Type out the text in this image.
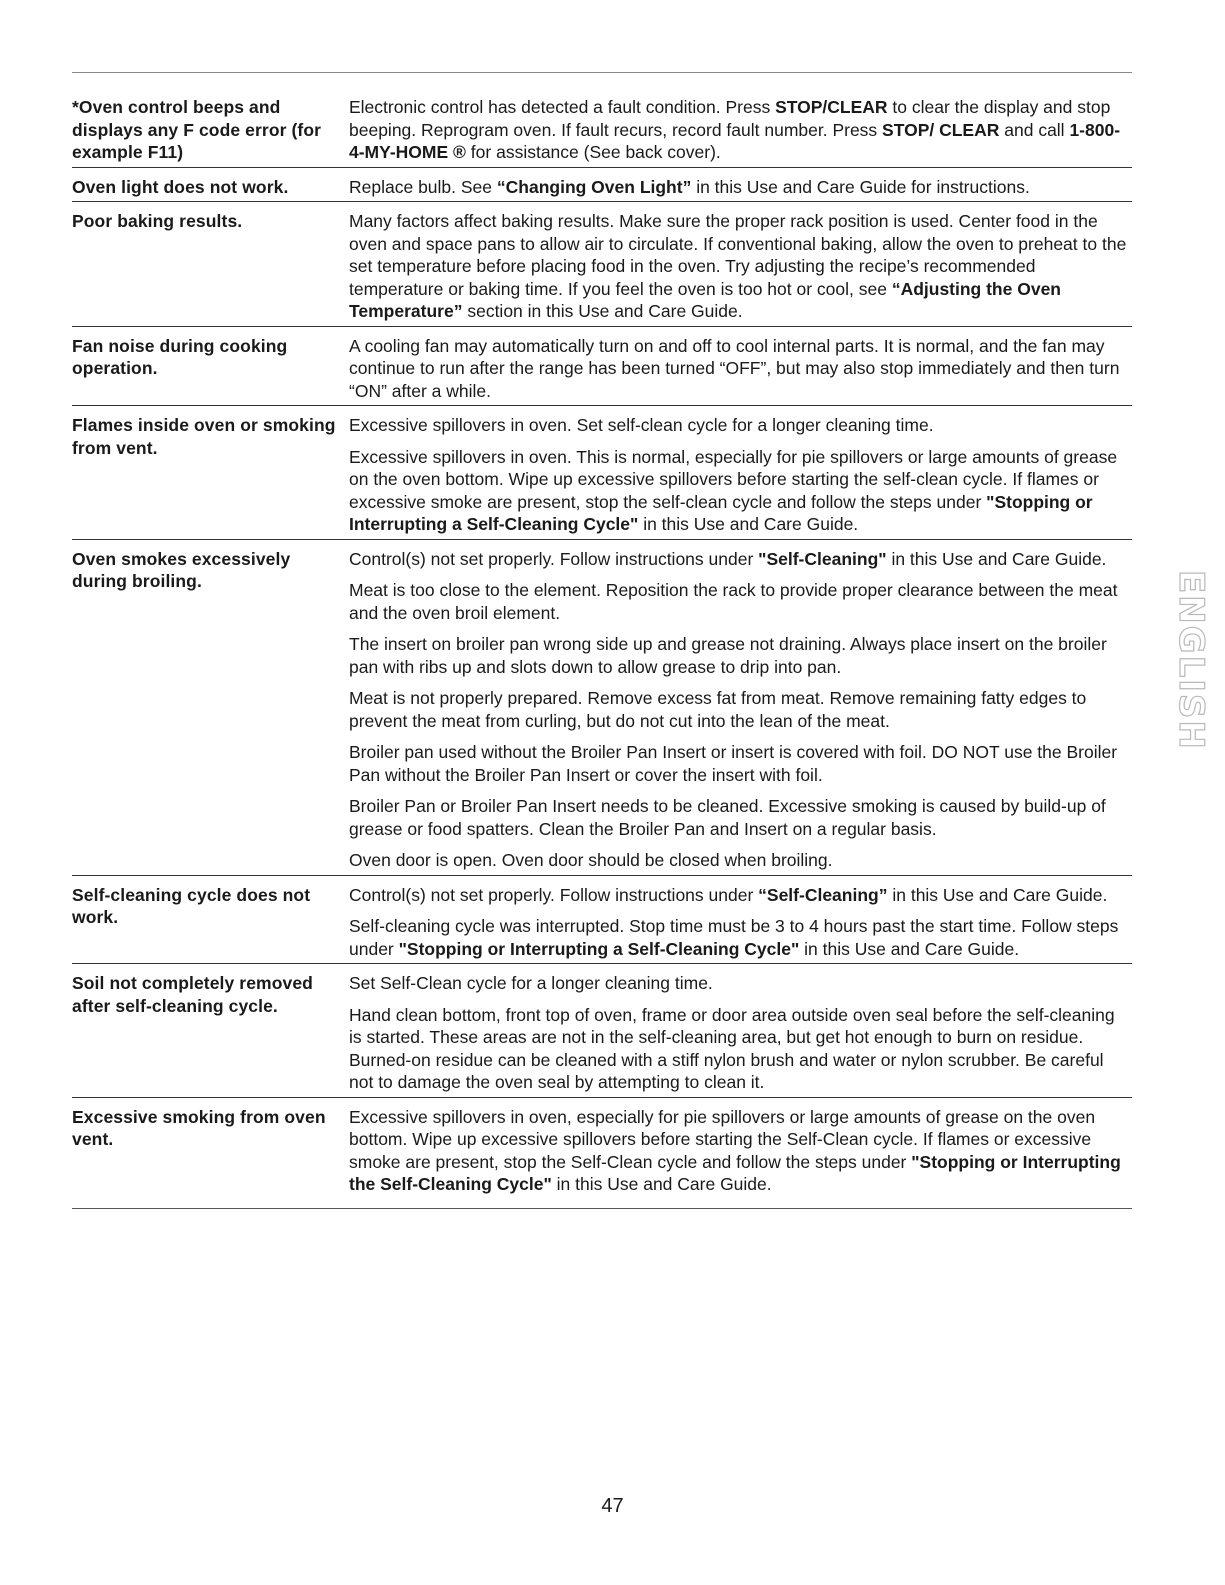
*Oven control beeps and displays any F code error (for example F11)
Electronic control has detected a fault condition. Press STOP/CLEAR to clear the display and stop beeping. Reprogram oven. If fault recurs, record fault number. Press STOP/ CLEAR and call 1-800-4-MY-HOME ® for assistance (See back cover).
Oven light does not work.	Replace bulb. See “Changing Oven Light” in this Use and Care Guide for instructions.
Poor baking results.	Many factors affect baking results. Make sure the proper rack position is used. Center food in the oven and space pans to allow air to circulate. If conventional baking, allow the oven to preheat to the set temperature before placing food in the oven. Try adjusting the recipe’s recommended temperature or baking time. If you feel the oven is too hot or cool, see “Adjusting the Oven Temperature” section in this Use and Care Guide.
Fan noise during cooking operation.
A cooling fan may automatically turn on and off to cool internal parts. It is normal, and the fan may continue to run after the range has been turned “OFF”, but may also stop immediately and then turn “ON” after a while.
Flames inside oven or smoking from vent.
Excessive spillovers in oven. Set self-clean cycle for a longer cleaning time.
Excessive spillovers in oven. This is normal, especially for pie spillovers or large amounts of grease on the oven bottom. Wipe up excessive spillovers before starting the self-clean cycle. If flames or excessive smoke are present, stop the self-clean cycle and follow the steps under "Stopping or Interrupting a Self-Cleaning Cycle" in this Use and Care Guide.
Oven smokes excessively during broiling.
Control(s) not set properly. Follow instructions under "Self-Cleaning" in this Use and Care Guide.
Meat is too close to the element. Reposition the rack to provide proper clearance between the meat and the oven broil element.
The insert on broiler pan wrong side up and grease not draining. Always place insert on the broiler pan with ribs up and slots down to allow grease to drip into pan.
Meat is not properly prepared. Remove excess fat from meat. Remove remaining fatty edges to prevent the meat from curling, but do not cut into the lean of the meat.
Broiler pan used without the Broiler Pan Insert or insert is covered with foil. DO NOT use the Broiler Pan without the Broiler Pan Insert or cover the insert with foil.
Broiler Pan or Broiler Pan Insert needs to be cleaned. Excessive smoking is caused by build-up of grease or food spatters. Clean the Broiler Pan and Insert on a regular basis.
Oven door is open. Oven door should be closed when broiling.
Self-cleaning cycle does not work.
Control(s) not set properly. Follow instructions under “Self-Cleaning” in this Use and Care Guide.
Self-cleaning cycle was interrupted. Stop time must be 3 to 4 hours past the start time. Follow steps under "Stopping or Interrupting a Self-Cleaning Cycle" in this Use and Care Guide.
Soil not completely removed after self-cleaning cycle.
Set Self-Clean cycle for a longer cleaning time.
Hand clean bottom, front top of oven, frame or door area outside oven seal before the self-cleaning is started. These areas are not in the self-cleaning area, but get hot enough to burn on residue. Burned-on residue can be cleaned with a stiff nylon brush and water or nylon scrubber. Be careful not to damage the oven seal by attempting to clean it.
Excessive smoking from oven vent.
Excessive spillovers in oven, especially for pie spillovers or large amounts of grease on the oven bottom. Wipe up excessive spillovers before starting the Self-Clean cycle. If flames or excessive smoke are present, stop the Self-Clean cycle and follow the steps under "Stopping or Interrupting the Self-Cleaning Cycle" in this Use and Care Guide.
ENGLISH
47
